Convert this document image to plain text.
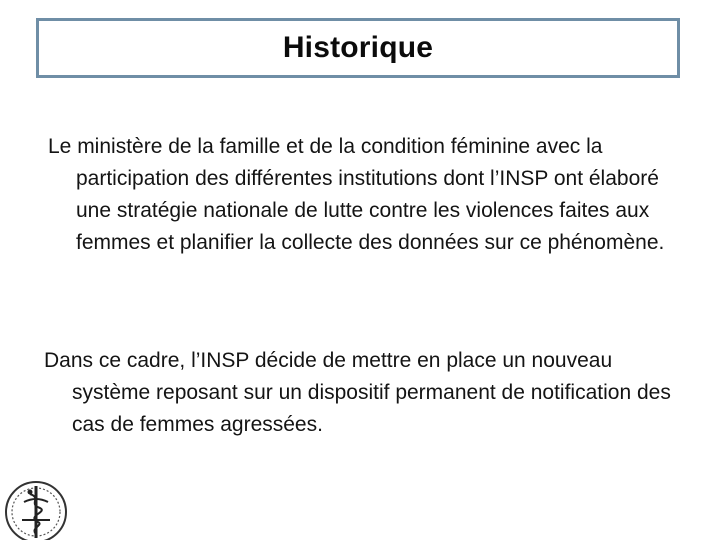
Historique

Le ministère de la famille et de la condition féminine avec la participation des différentes institutions dont l’INSP ont élaboré une stratégie nationale de lutte contre les violences faites aux femmes et planifier la collecte des données sur ce phénomène.

Dans ce cadre, l’INSP décide de mettre en place un nouveau système reposant sur un dispositif permanent de notification des cas de femmes agressées.
